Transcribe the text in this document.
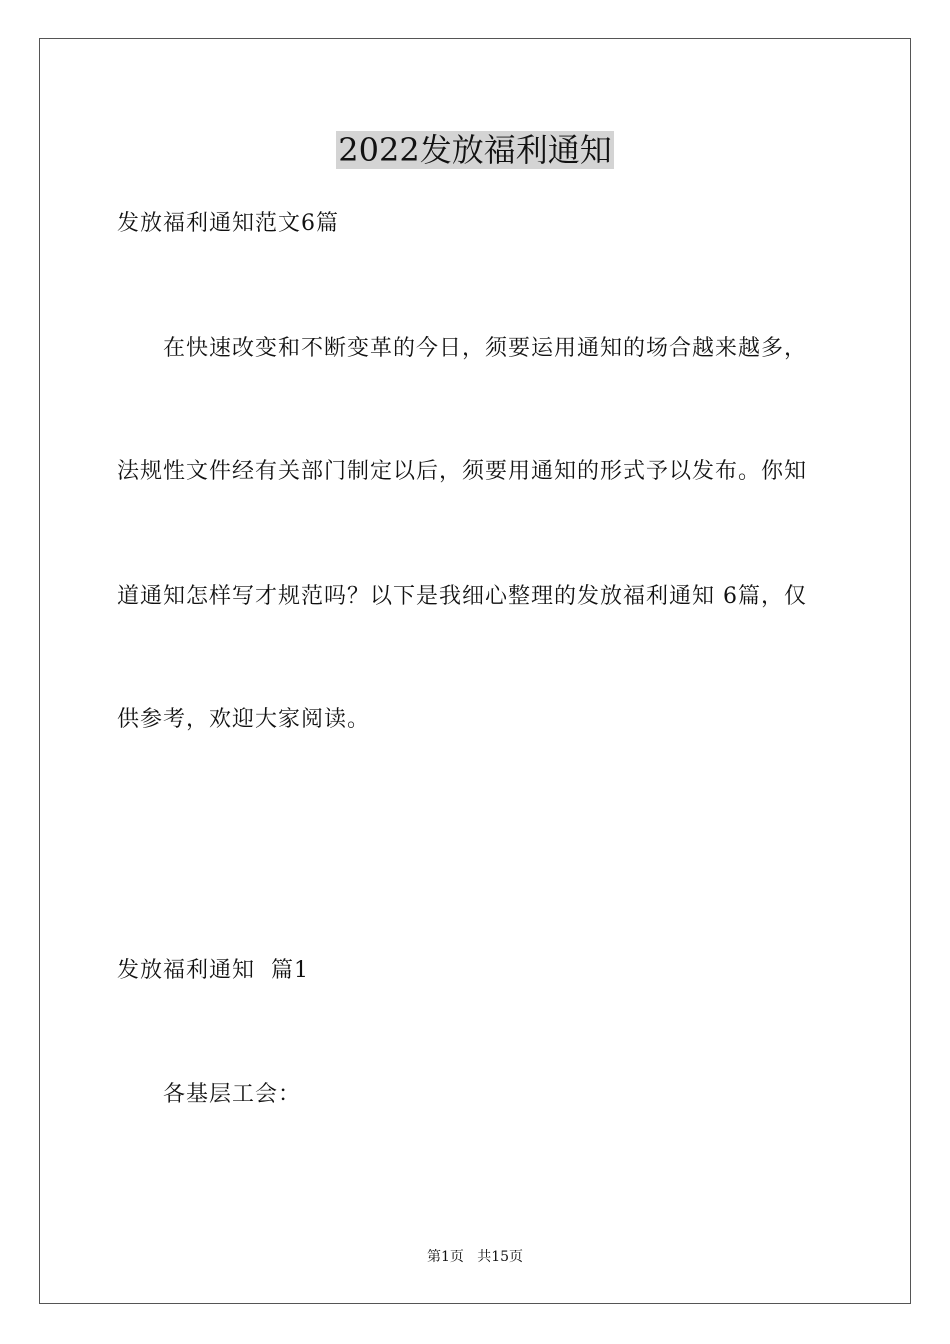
2022发放福利通知
发放福利通知范文6篇
在快速改变和不断变革的今日，须要运用通知的场合越来越多，
法规性文件经有关部门制定以后，须要用通知的形式予以发布。你知
道通知怎样写才规范吗？以下是我细心整理的发放福利通知 6篇，仅
供参考，欢迎大家阅读。
发放福利通知  篇1
各基层工会：
第1页   共15页
